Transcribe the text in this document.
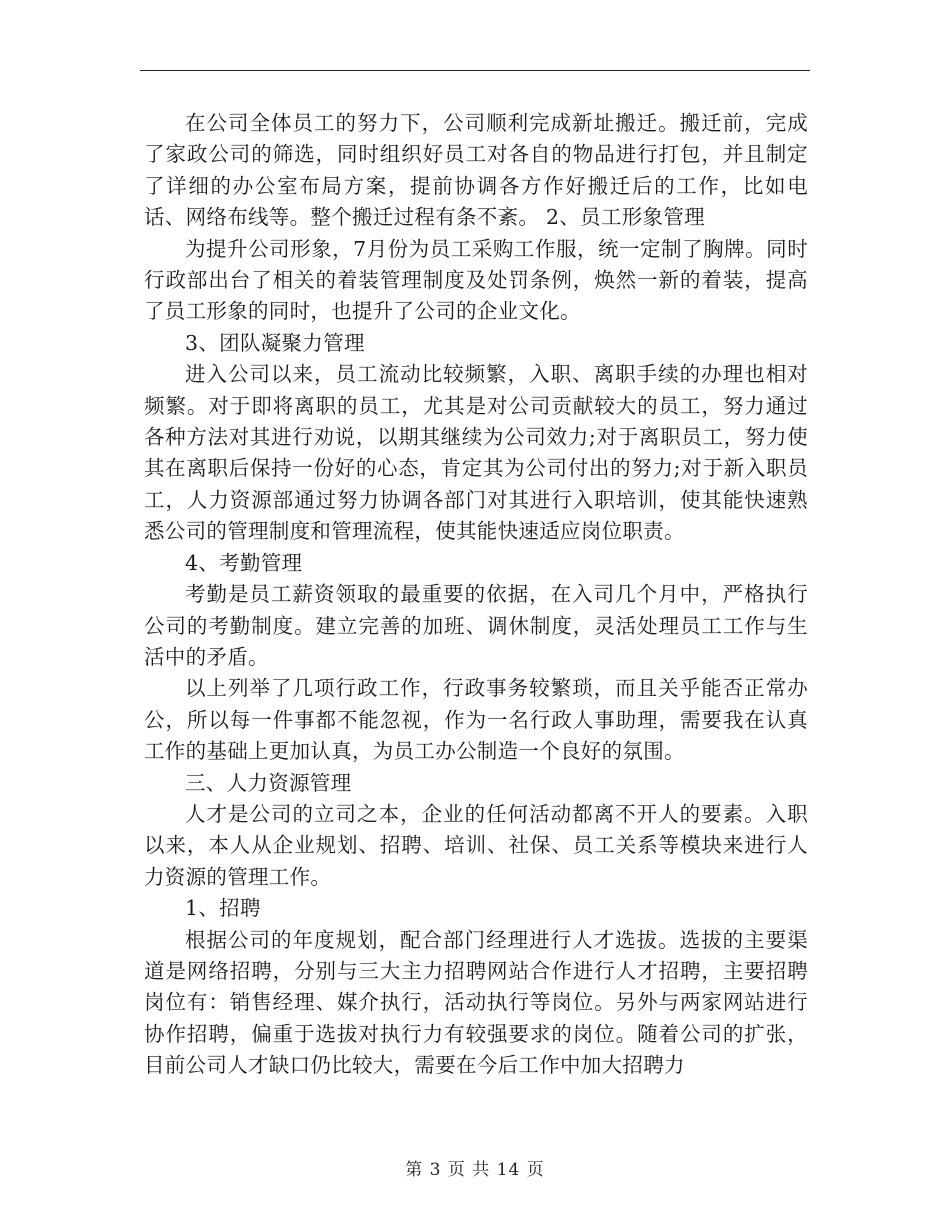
在公司全体员工的努力下，公司顺利完成新址搬迁。搬迁前，完成了家政公司的筛选，同时组织好员工对各自的物品进行打包，并且制定了详细的办公室布局方案，提前协调各方作好搬迁后的工作，比如电话、网络布线等。整个搬迁过程有条不紊。 2、员工形象管理

为提升公司形象，7月份为员工采购工作服，统一定制了胸牌。同时行政部出台了相关的着装管理制度及处罚条例，焕然一新的着装，提高了员工形象的同时，也提升了公司的企业文化。

3、团队凝聚力管理

进入公司以来，员工流动比较频繁，入职、离职手续的办理也相对频繁。对于即将离职的员工，尤其是对公司贡献较大的员工，努力通过各种方法对其进行劝说，以期其继续为公司效力;对于离职员工，努力使其在离职后保持一份好的心态，肯定其为公司付出的努力;对于新入职员工，人力资源部通过努力协调各部门对其进行入职培训，使其能快速熟悉公司的管理制度和管理流程，使其能快速适应岗位职责。

4、考勤管理

考勤是员工薪资领取的最重要的依据，在入司几个月中，严格执行公司的考勤制度。建立完善的加班、调休制度，灵活处理员工工作与生活中的矛盾。

以上列举了几项行政工作，行政事务较繁琐，而且关乎能否正常办公，所以每一件事都不能忽视，作为一名行政人事助理，需要我在认真工作的基础上更加认真，为员工办公制造一个良好的氛围。

三、人力资源管理

人才是公司的立司之本，企业的任何活动都离不开人的要素。入职以来，本人从企业规划、招聘、培训、社保、员工关系等模块来进行人力资源的管理工作。

1、招聘

根据公司的年度规划，配合部门经理进行人才选拔。选拔的主要渠道是网络招聘，分别与三大主力招聘网站合作进行人才招聘，主要招聘岗位有：销售经理、媒介执行，活动执行等岗位。另外与两家网站进行协作招聘，偏重于选拔对执行力有较强要求的岗位。随着公司的扩张，目前公司人才缺口仍比较大，需要在今后工作中加大招聘力

第 3 页 共 14 页
